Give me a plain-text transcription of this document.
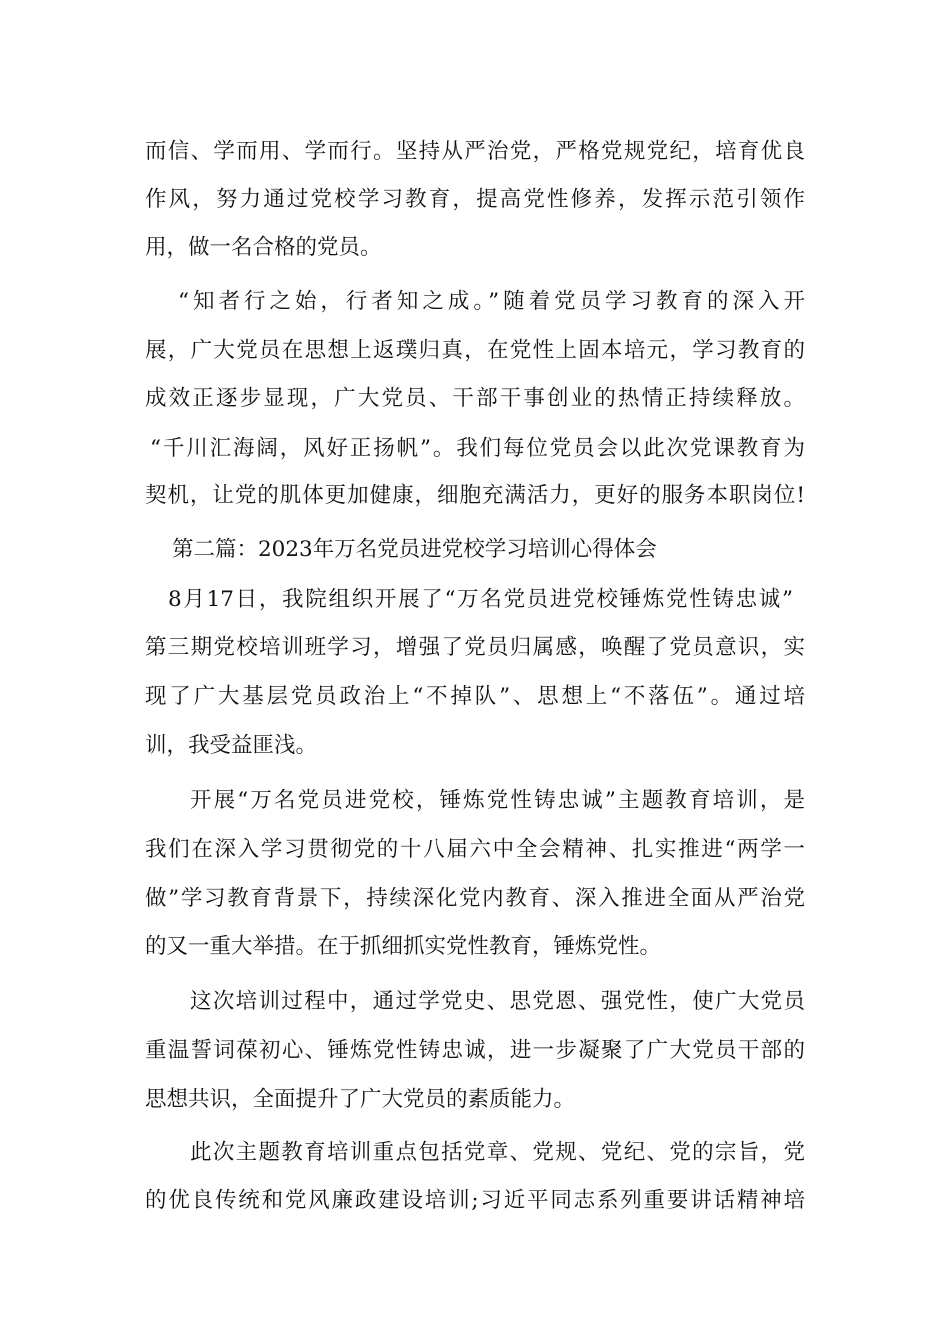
而信、学而用、学而行。坚持从严治党，严格党规党纪，培育优良
作风，努力通过党校学习教育，提高党性修养，发挥示范引领作
用，做一名合格的党员。
“知者行之始，行者知之成。”随着党员学习教育的深入开
展，广大党员在思想上返璞归真，在党性上固本培元，学习教育的
成效正逐步显现，广大党员、干部干事创业的热情正持续释放。
“千川汇海阔，风好正扬帆”。我们每位党员会以此次党课教育为
契机，让党的肌体更加健康，细胞充满活力，更好的服务本职岗位!
第二篇：2023年万名党员进党校学习培训心得体会
8月17日，我院组织开展了“万名党员进党校锤炼党性铸忠诚”
第三期党校培训班学习，增强了党员归属感，唤醒了党员意识，实
现了广大基层党员政治上“不掉队”、思想上“不落伍”。通过培
训，我受益匪浅。
开展“万名党员进党校，锤炼党性铸忠诚”主题教育培训，是
我们在深入学习贯彻党的十八届六中全会精神、扎实推进“两学一
做”学习教育背景下，持续深化党内教育、深入推进全面从严治党
的又一重大举措。在于抓细抓实党性教育，锤炼党性。
这次培训过程中，通过学党史、思党恩、强党性，使广大党员
重温誓词葆初心、锤炼党性铸忠诚，进一步凝聚了广大党员干部的
思想共识，全面提升了广大党员的素质能力。
此次主题教育培训重点包括党章、党规、党纪、党的宗旨，党
的优良传统和党风廉政建设培训;习近平同志系列重要讲话精神培
